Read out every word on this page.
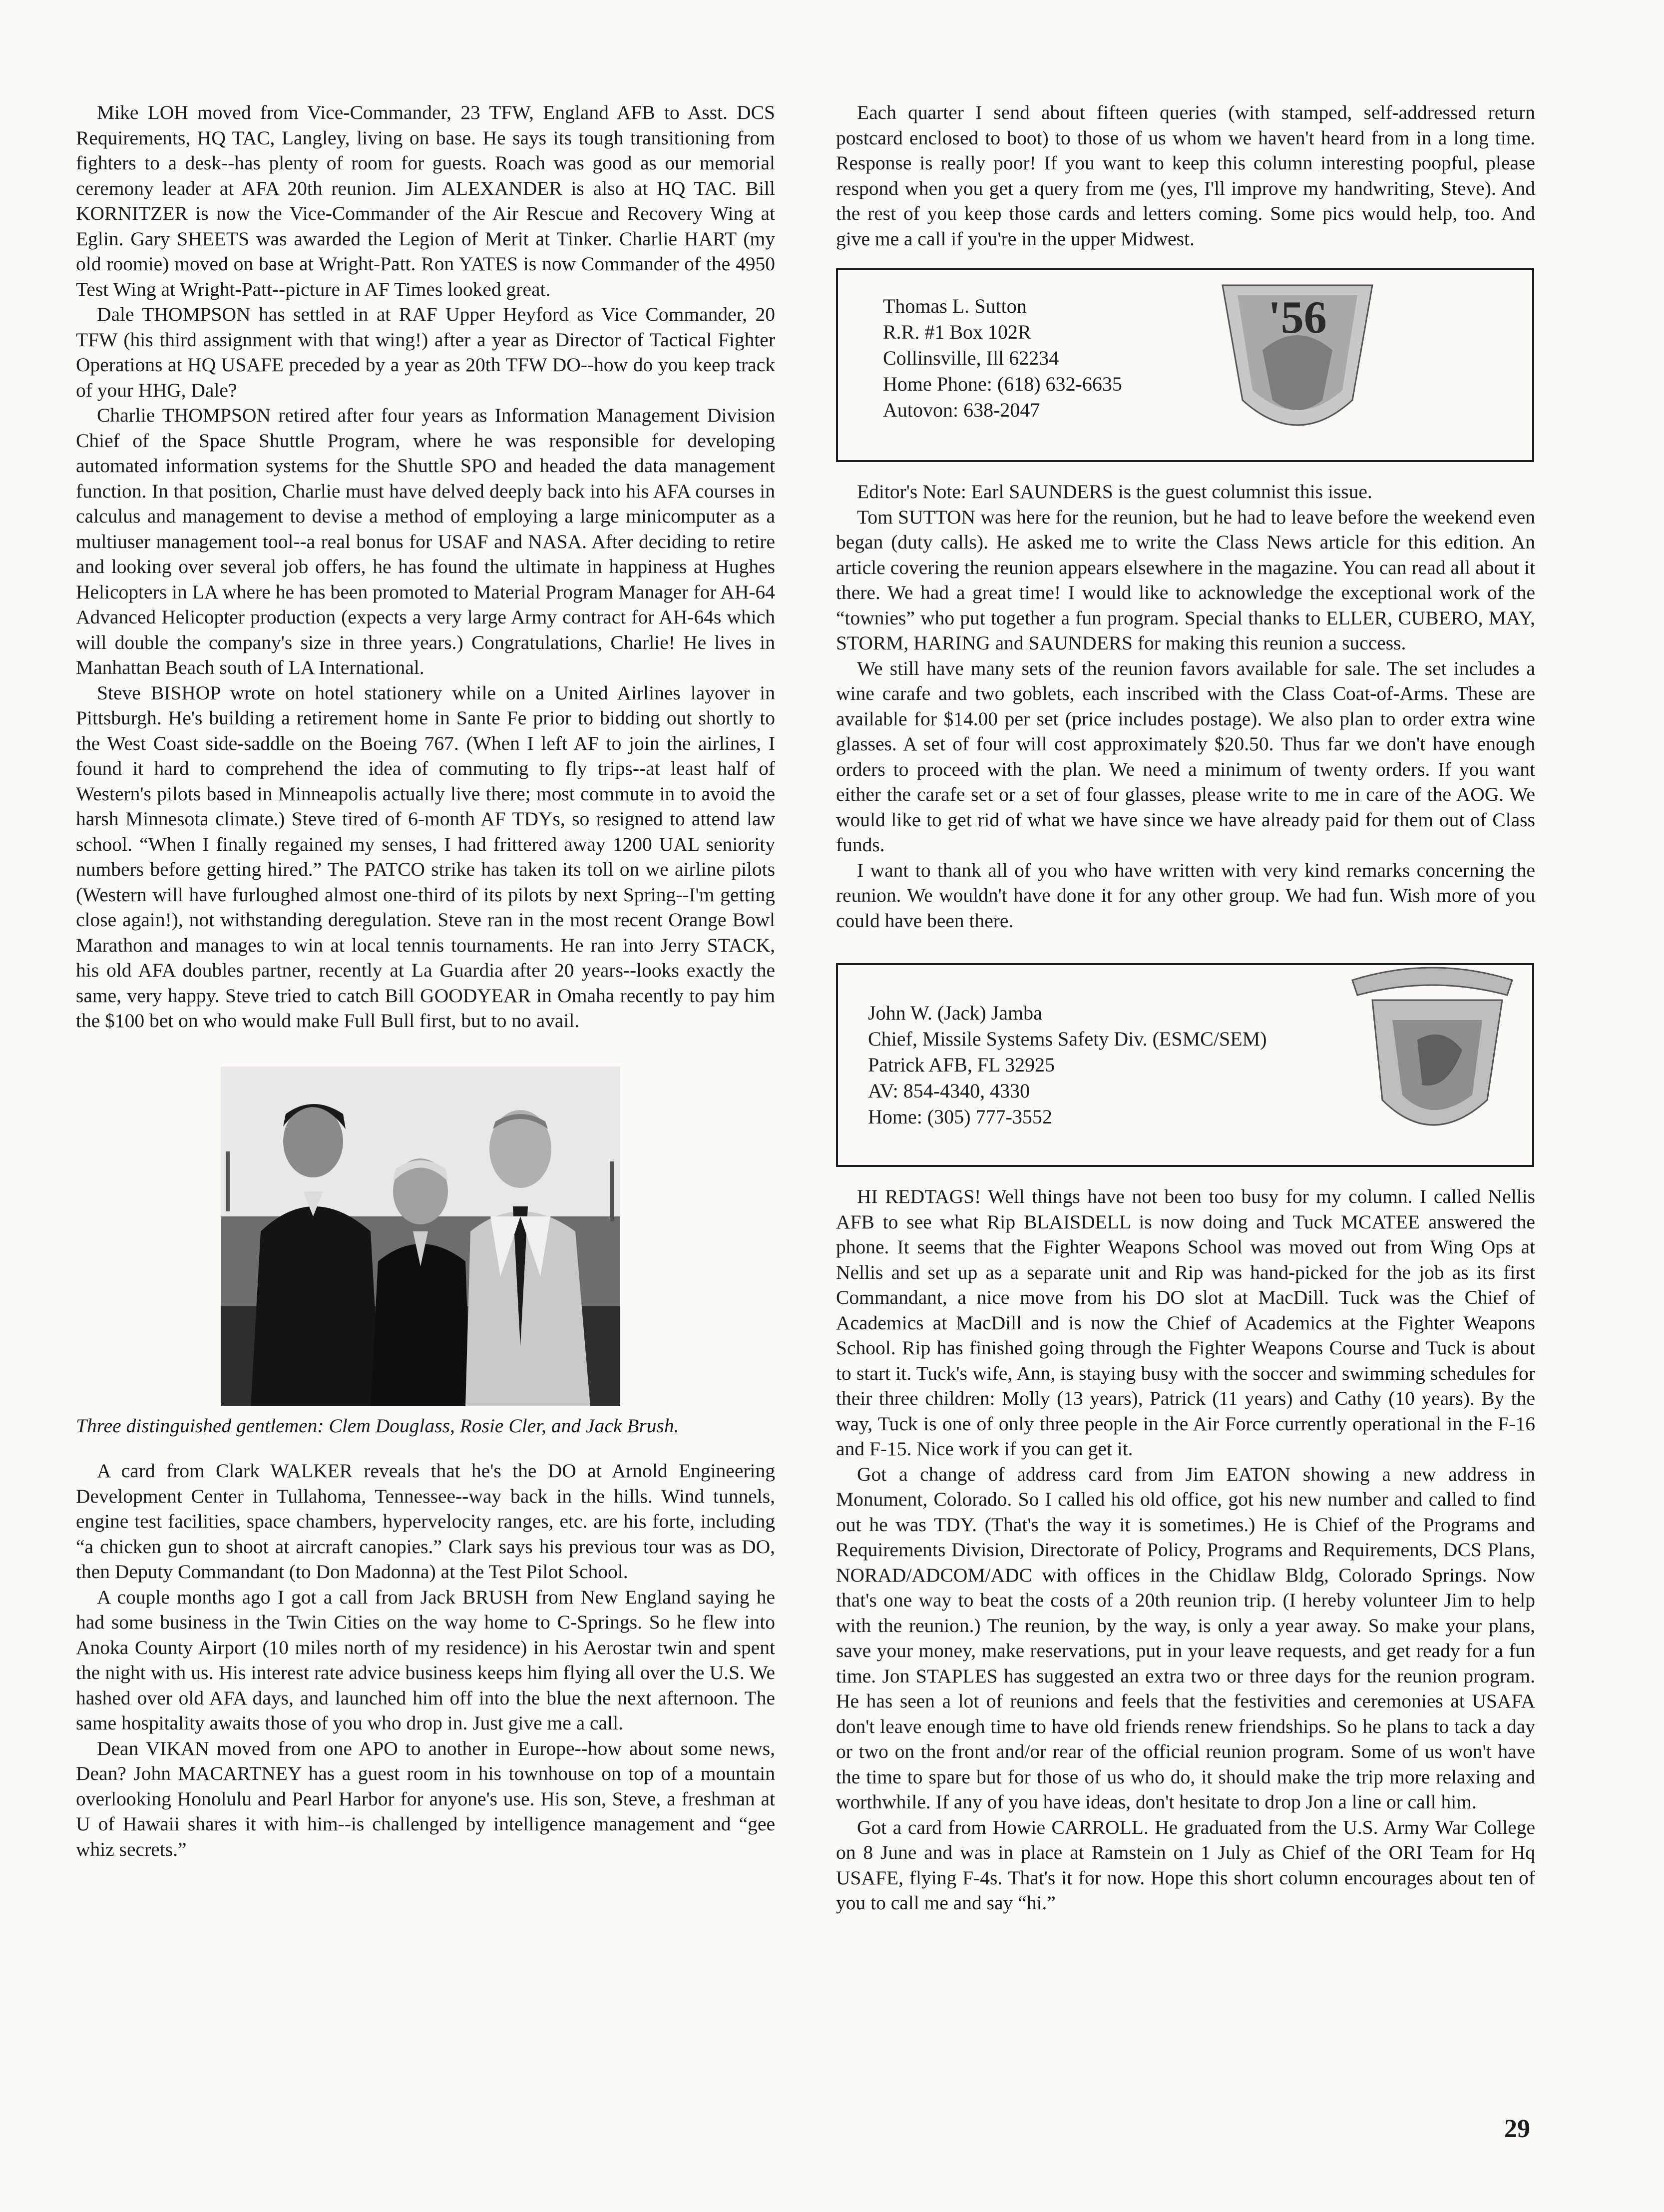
Mike LOH moved from Vice-Commander, 23 TFW, England AFB to Asst. DCS Requirements, HQ TAC, Langley, living on base. He says its tough transitioning from fighters to a desk--has plenty of room for guests. Roach was good as our memorial ceremony leader at AFA 20th reunion. Jim ALEXANDER is also at HQ TAC. Bill KORNITZER is now the Vice-Commander of the Air Rescue and Recovery Wing at Eglin. Gary SHEETS was awarded the Legion of Merit at Tinker. Charlie HART (my old roomie) moved on base at Wright-Patt. Ron YATES is now Commander of the 4950 Test Wing at Wright-Patt--picture in AF Times looked great.

Dale THOMPSON has settled in at RAF Upper Heyford as Vice Commander, 20 TFW (his third assignment with that wing!) after a year as Director of Tactical Fighter Operations at HQ USAFE preceded by a year as 20th TFW DO--how do you keep track of your HHG, Dale?

Charlie THOMPSON retired after four years as Information Management Division Chief of the Space Shuttle Program, where he was responsible for developing automated information systems for the Shuttle SPO and headed the data management function. In that position, Charlie must have delved deeply back into his AFA courses in calculus and management to devise a method of employing a large minicomputer as a multiuser management tool--a real bonus for USAF and NASA. After deciding to retire and looking over several job offers, he has found the ultimate in happiness at Hughes Helicopters in LA where he has been promoted to Material Program Manager for AH-64 Advanced Helicopter production (expects a very large Army contract for AH-64s which will double the company's size in three years.) Congratulations, Charlie! He lives in Manhattan Beach south of LA International.

Steve BISHOP wrote on hotel stationery while on a United Airlines layover in Pittsburgh. He's building a retirement home in Sante Fe prior to bidding out shortly to the West Coast side-saddle on the Boeing 767. (When I left AF to join the airlines, I found it hard to comprehend the idea of commuting to fly trips--at least half of Western's pilots based in Minneapolis actually live there; most commute in to avoid the harsh Minnesota climate.) Steve tired of 6-month AF TDYs, so resigned to attend law school. “When I finally regained my senses, I had frittered away 1200 UAL seniority numbers before getting hired.” The PATCO strike has taken its toll on we airline pilots (Western will have furloughed almost one-third of its pilots by next Spring--I'm getting close again!), not withstanding deregulation. Steve ran in the most recent Orange Bowl Marathon and manages to win at local tennis tournaments. He ran into Jerry STACK, his old AFA doubles partner, recently at La Guardia after 20 years--looks exactly the same, very happy. Steve tried to catch Bill GOODYEAR in Omaha recently to pay him the $100 bet on who would make Full Bull first, but to no avail.

Three distinguished gentlemen: Clem Douglass, Rosie Cler, and Jack Brush.

A card from Clark WALKER reveals that he's the DO at Arnold Engineering Development Center in Tullahoma, Tennessee--way back in the hills. Wind tunnels, engine test facilities, space chambers, hypervelocity ranges, etc. are his forte, including “a chicken gun to shoot at aircraft canopies.” Clark says his previous tour was as DO, then Deputy Commandant (to Don Madonna) at the Test Pilot School.

A couple months ago I got a call from Jack BRUSH from New England saying he had some business in the Twin Cities on the way home to C-Springs. So he flew into Anoka County Airport (10 miles north of my residence) in his Aerostar twin and spent the night with us. His interest rate advice business keeps him flying all over the U.S. We hashed over old AFA days, and launched him off into the blue the next afternoon. The same hospitality awaits those of you who drop in. Just give me a call.

Dean VIKAN moved from one APO to another in Europe--how about some news, Dean? John MACARTNEY has a guest room in his townhouse on top of a mountain overlooking Honolulu and Pearl Harbor for anyone's use. His son, Steve, a freshman at U of Hawaii shares it with him--is challenged by intelligence management and “gee whiz secrets.”

Each quarter I send about fifteen queries (with stamped, self-addressed return postcard enclosed to boot) to those of us whom we haven't heard from in a long time. Response is really poor! If you want to keep this column interesting poopful, please respond when you get a query from me (yes, I'll improve my handwriting, Steve). And the rest of you keep those cards and letters coming. Some pics would help, too. And give me a call if you're in the upper Midwest.

Thomas L. Sutton
R.R. #1 Box 102R
Collinsville, Ill 62234
Home Phone: (618) 632-6635
Autovon: 638-2047
'56

Editor's Note: Earl SAUNDERS is the guest columnist this issue.

Tom SUTTON was here for the reunion, but he had to leave before the weekend even began (duty calls). He asked me to write the Class News article for this edition. An article covering the reunion appears elsewhere in the magazine. You can read all about it there. We had a great time! I would like to acknowledge the exceptional work of the “townies” who put together a fun program. Special thanks to ELLER, CUBERO, MAY, STORM, HARING and SAUNDERS for making this reunion a success.

We still have many sets of the reunion favors available for sale. The set includes a wine carafe and two goblets, each inscribed with the Class Coat-of-Arms. These are available for $14.00 per set (price includes postage). We also plan to order extra wine glasses. A set of four will cost approximately $20.50. Thus far we don't have enough orders to proceed with the plan. We need a minimum of twenty orders. If you want either the carafe set or a set of four glasses, please write to me in care of the AOG. We would like to get rid of what we have since we have already paid for them out of Class funds.

I want to thank all of you who have written with very kind remarks concerning the reunion. We wouldn't have done it for any other group. We had fun. Wish more of you could have been there.

John W. (Jack) Jamba
Chief, Missile Systems Safety Div. (ESMC/SEM)
Patrick AFB, FL 32925
AV: 854-4340, 4330
Home: (305) 777-3552

HI REDTAGS! Well things have not been too busy for my column. I called Nellis AFB to see what Rip BLAISDELL is now doing and Tuck MCATEE answered the phone. It seems that the Fighter Weapons School was moved out from Wing Ops at Nellis and set up as a separate unit and Rip was hand-picked for the job as its first Commandant, a nice move from his DO slot at MacDill. Tuck was the Chief of Academics at MacDill and is now the Chief of Academics at the Fighter Weapons School. Rip has finished going through the Fighter Weapons Course and Tuck is about to start it. Tuck's wife, Ann, is staying busy with the soccer and swimming schedules for their three children: Molly (13 years), Patrick (11 years) and Cathy (10 years). By the way, Tuck is one of only three people in the Air Force currently operational in the F-16 and F-15. Nice work if you can get it.

Got a change of address card from Jim EATON showing a new address in Monument, Colorado. So I called his old office, got his new number and called to find out he was TDY. (That's the way it is sometimes.) He is Chief of the Programs and Requirements Division, Directorate of Policy, Programs and Requirements, DCS Plans, NORAD/ADCOM/ADC with offices in the Chidlaw Bldg, Colorado Springs. Now that's one way to beat the costs of a 20th reunion trip. (I hereby volunteer Jim to help with the reunion.) The reunion, by the way, is only a year away. So make your plans, save your money, make reservations, put in your leave requests, and get ready for a fun time. Jon STAPLES has suggested an extra two or three days for the reunion program. He has seen a lot of reunions and feels that the festivities and ceremonies at USAFA don't leave enough time to have old friends renew friendships. So he plans to tack a day or two on the front and/or rear of the official reunion program. Some of us won't have the time to spare but for those of us who do, it should make the trip more relaxing and worthwhile. If any of you have ideas, don't hesitate to drop Jon a line or call him.

Got a card from Howie CARROLL. He graduated from the U.S. Army War College on 8 June and was in place at Ramstein on 1 July as Chief of the ORI Team for Hq USAFE, flying F-4s. That's it for now. Hope this short column encourages about ten of you to call me and say “hi.”

29
